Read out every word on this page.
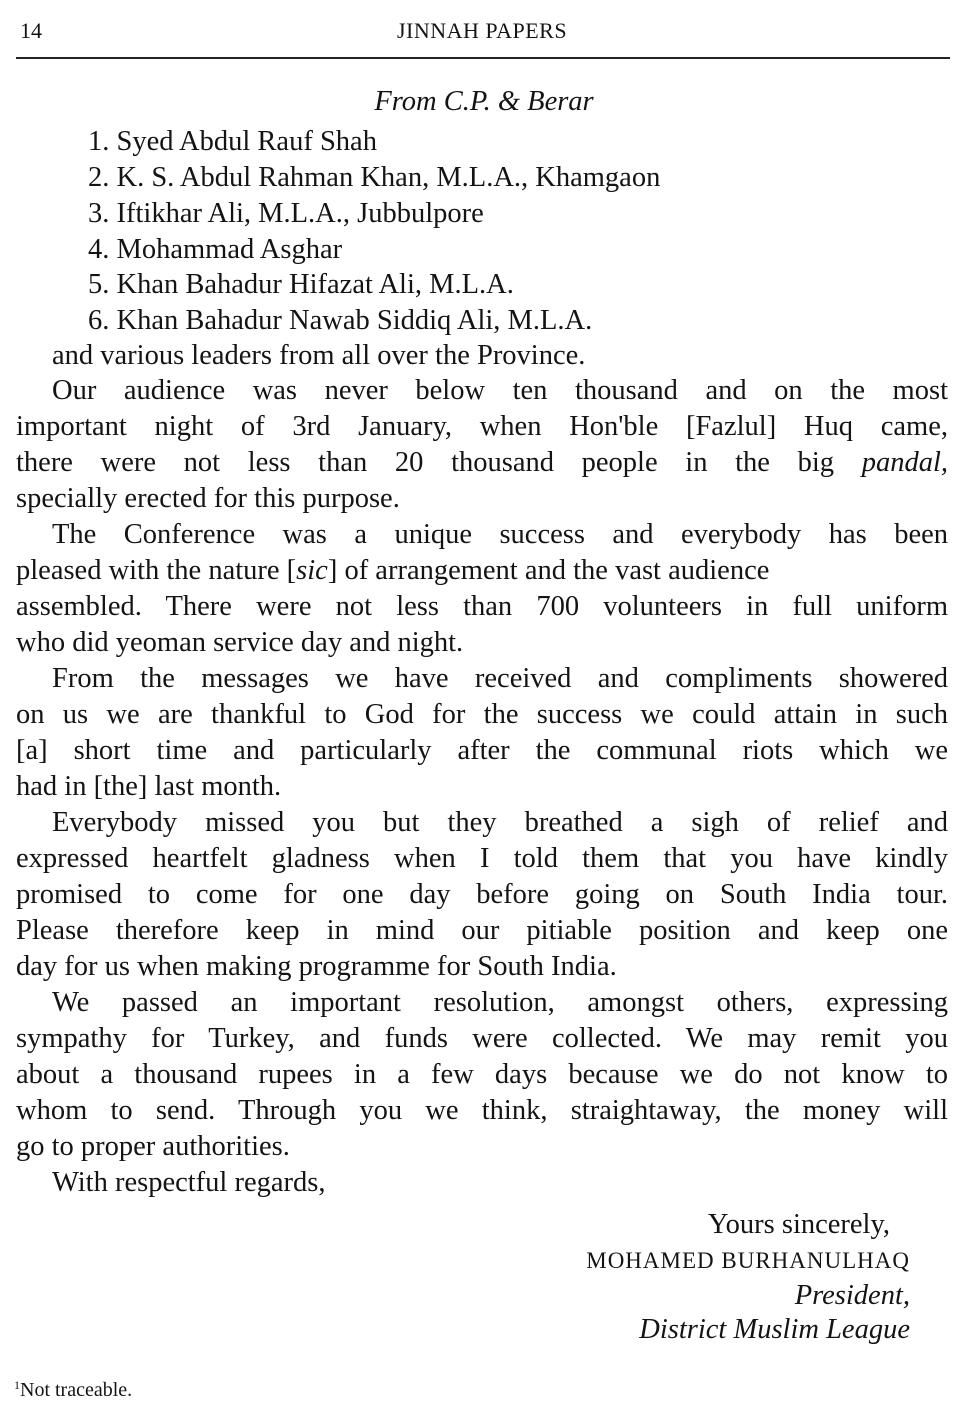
14	JINNAH PAPERS
From C.P. & Berar
1. Syed Abdul Rauf Shah
2. K. S. Abdul Rahman Khan, M.L.A., Khamgaon
3. Iftikhar Ali, M.L.A., Jubbulpore
4. Mohammad Asghar
5. Khan Bahadur Hifazat Ali, M.L.A.
6. Khan Bahadur Nawab Siddiq Ali, M.L.A.
and various leaders from all over the Province.
Our audience was never below ten thousand and on the most
important night of 3rd January, when Hon'ble [Fazlul] Huq came,
there were not less than 20 thousand people in the big pandal,
specially erected for this purpose.
The Conference was a unique success and everybody has been
pleased with the nature [sic] of arrangement and the vast audience
assembled. There were not less than 700 volunteers in full uniform
who did yeoman service day and night.
From the messages we have received and compliments showered
on us we are thankful to God for the success we could attain in such
[a] short time and particularly after the communal riots which we
had in [the] last month.
Everybody missed you but they breathed a sigh of relief and
expressed heartfelt gladness when I told them that you have kindly
promised to come for one day before going on South India tour.
Please therefore keep in mind our pitiable position and keep one
day for us when making programme for South India.
We passed an important resolution, amongst others, expressing
sympathy for Turkey, and funds were collected. We may remit you
about a thousand rupees in a few days because we do not know to
whom to send. Through you we think, straightaway, the money will
go to proper authorities.
With respectful regards,
Yours sincerely,
MOHAMED BURHANULHAQ
President,
District Muslim League
$^1$Not traceable.
